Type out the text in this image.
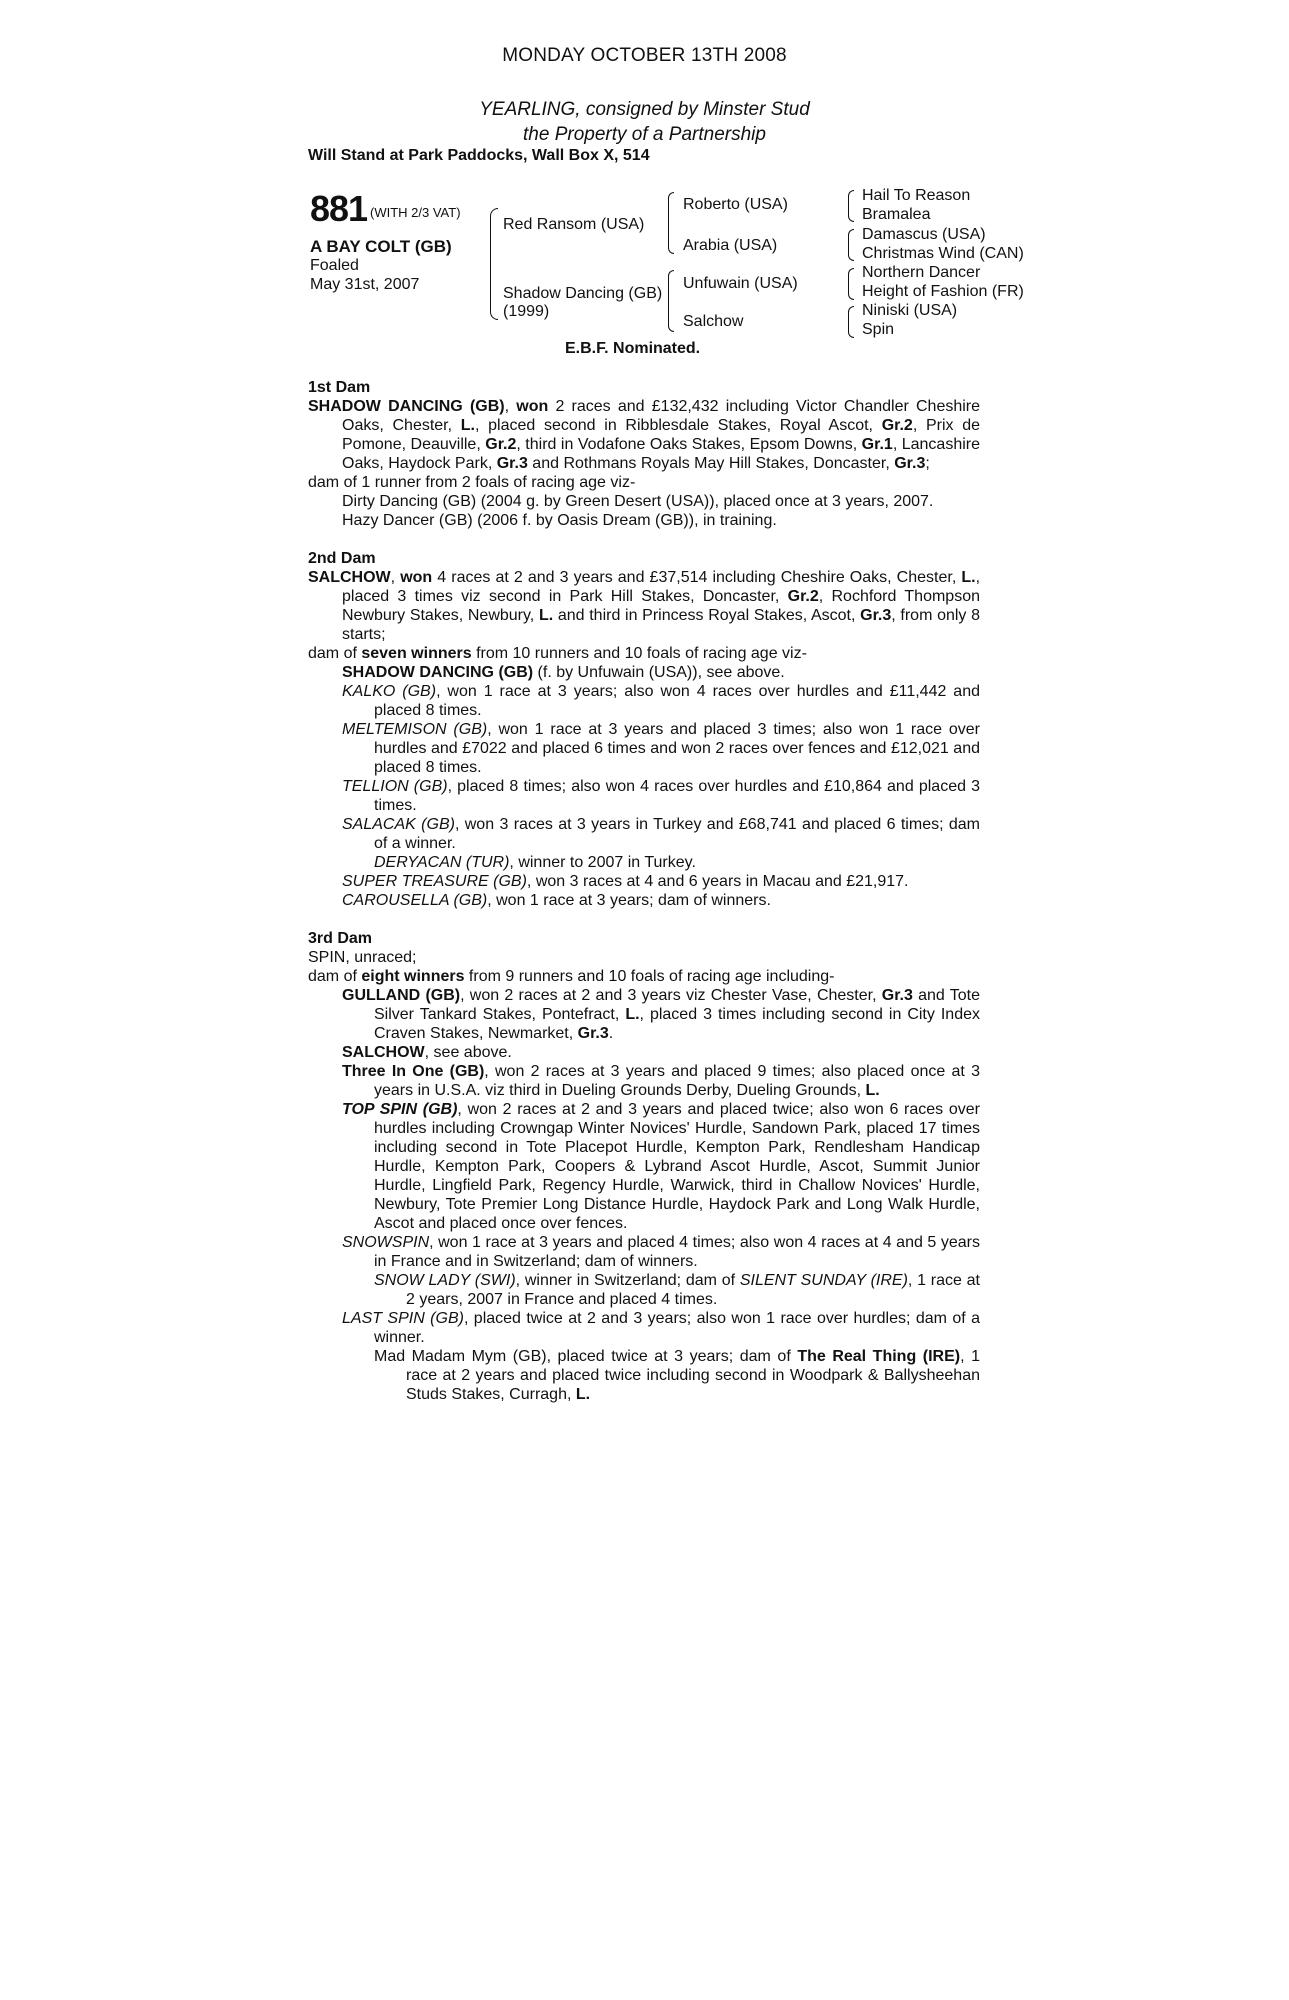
MONDAY OCTOBER 13TH 2008
YEARLING, consigned by Minster Stud
the Property of a Partnership
Will Stand at Park Paddocks, Wall Box X, 514
881 (WITH 2/3 VAT)
A BAY COLT (GB)
Foaled
May 31st, 2007
Red Ransom (USA)
Shadow Dancing (GB)
(1999)
Roberto (USA)
Arabia (USA)
Unfuwain (USA)
Salchow
Hail To Reason
Bramalea
Damascus (USA)
Christmas Wind (CAN)
Northern Dancer
Height of Fashion (FR)
Niniski (USA)
Spin
E.B.F. Nominated.
1st Dam

SHADOW DANCING (GB), won 2 races and £132,432 including Victor Chandler Cheshire Oaks, Chester, L., placed second in Ribblesdale Stakes, Royal Ascot, Gr.2, Prix de Pomone, Deauville, Gr.2, third in Vodafone Oaks Stakes, Epsom Downs, Gr.1, Lancashire Oaks, Haydock Park, Gr.3 and Rothmans Royals May Hill Stakes, Doncaster, Gr.3;

dam of 1 runner from 2 foals of racing age viz-

Dirty Dancing (GB) (2004 g. by Green Desert (USA)), placed once at 3 years, 2007.

Hazy Dancer (GB) (2006 f. by Oasis Dream (GB)), in training.

2nd Dam

SALCHOW, won 4 races at 2 and 3 years and £37,514 including Cheshire Oaks, Chester, L., placed 3 times viz second in Park Hill Stakes, Doncaster, Gr.2, Rochford Thompson Newbury Stakes, Newbury, L. and third in Princess Royal Stakes, Ascot, Gr.3, from only 8 starts;

dam of seven winners from 10 runners and 10 foals of racing age viz-

SHADOW DANCING (GB) (f. by Unfuwain (USA)), see above.

KALKO (GB), won 1 race at 3 years; also won 4 races over hurdles and £11,442 and placed 8 times.

MELTEMISON (GB), won 1 race at 3 years and placed 3 times; also won 1 race over hurdles and £7022 and placed 6 times and won 2 races over fences and £12,021 and placed 8 times.

TELLION (GB), placed 8 times; also won 4 races over hurdles and £10,864 and placed 3 times.

SALACAK (GB), won 3 races at 3 years in Turkey and £68,741 and placed 6 times; dam of a winner.

DERYACAN (TUR), winner to 2007 in Turkey.

SUPER TREASURE (GB), won 3 races at 4 and 6 years in Macau and £21,917.

CAROUSELLA (GB), won 1 race at 3 years; dam of winners.

3rd Dam

SPIN, unraced;

dam of eight winners from 9 runners and 10 foals of racing age including-

GULLAND (GB), won 2 races at 2 and 3 years viz Chester Vase, Chester, Gr.3 and Tote Silver Tankard Stakes, Pontefract, L., placed 3 times including second in City Index Craven Stakes, Newmarket, Gr.3.

SALCHOW, see above.

Three In One (GB), won 2 races at 3 years and placed 9 times; also placed once at 3 years in U.S.A. viz third in Dueling Grounds Derby, Dueling Grounds, L.

TOP SPIN (GB), won 2 races at 2 and 3 years and placed twice; also won 6 races over hurdles including Crowngap Winter Novices' Hurdle, Sandown Park, placed 17 times including second in Tote Placepot Hurdle, Kempton Park, Rendlesham Handicap Hurdle, Kempton Park, Coopers & Lybrand Ascot Hurdle, Ascot, Summit Junior Hurdle, Lingfield Park, Regency Hurdle, Warwick, third in Challow Novices' Hurdle, Newbury, Tote Premier Long Distance Hurdle, Haydock Park and Long Walk Hurdle, Ascot and placed once over fences.

SNOWSPIN, won 1 race at 3 years and placed 4 times; also won 4 races at 4 and 5 years in France and in Switzerland; dam of winners.

SNOW LADY (SWI), winner in Switzerland; dam of SILENT SUNDAY (IRE), 1 race at 2 years, 2007 in France and placed 4 times.

LAST SPIN (GB), placed twice at 2 and 3 years; also won 1 race over hurdles; dam of a winner.

Mad Madam Mym (GB), placed twice at 3 years; dam of The Real Thing (IRE), 1 race at 2 years and placed twice including second in Woodpark & Ballysheehan Studs Stakes, Curragh, L.
